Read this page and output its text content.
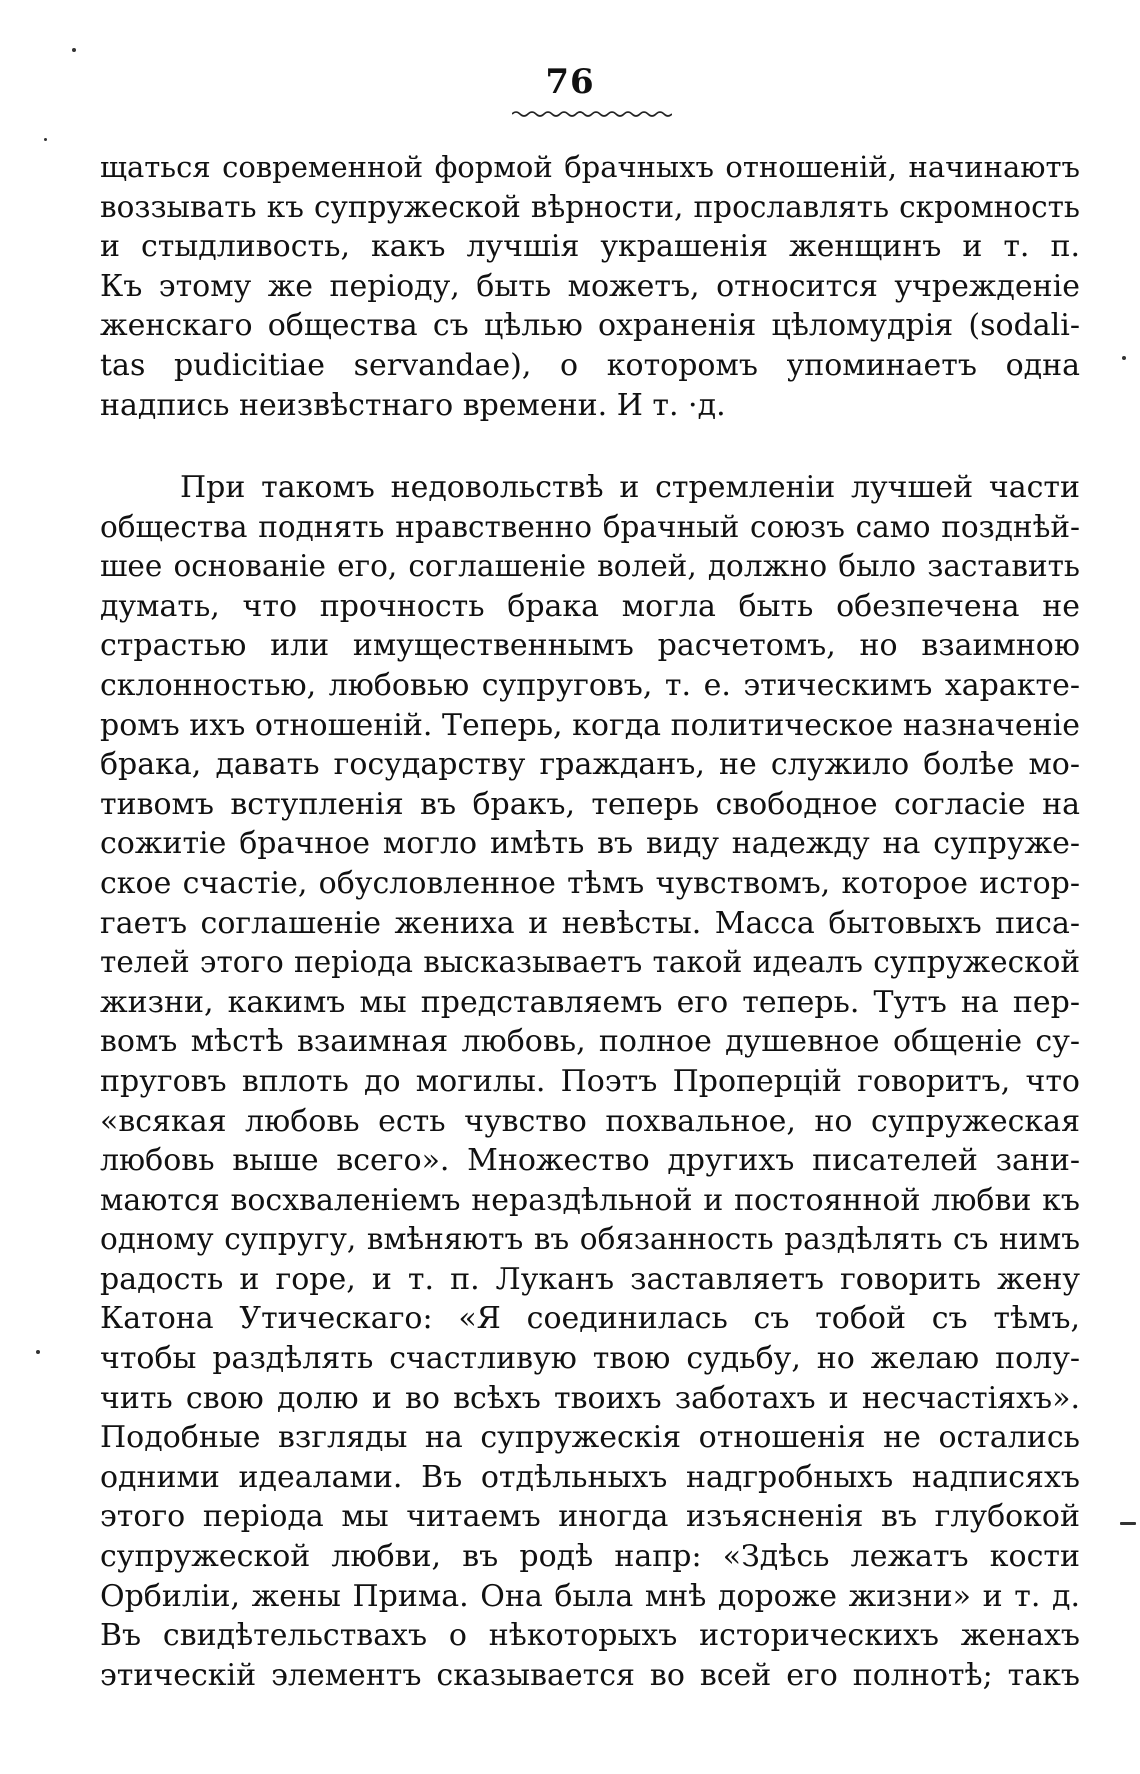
76
щаться современной формой брачныхъ отношеній, начинаютъ
воззывать къ супружеской вѣрности, прославлять скромность
и стыдливость, какъ лучшія украшенія женщинъ и т. п.
Къ этому же періоду, быть можетъ, относится учрежденіе
женскаго общества съ цѣлью охраненія цѣломудрія (sodali-
tas pudicitiae servandae), о которомъ упоминаетъ одна
надпись неизвѣстнаго времени. И т. ·д.
При такомъ недовольствѣ и стремленіи лучшей части
общества поднять нравственно брачный союзъ само позднѣй-
шее основаніе его, соглашеніе волей, должно было заставить
думать, что прочность брака могла быть обезпечена не
страстью или имущественнымъ расчетомъ, но взаимною
склонностью, любовью супруговъ, т. е. этическимъ характе-
ромъ ихъ отношеній. Теперь, когда политическое назначеніе
брака, давать государству гражданъ, не служило болѣе мо-
тивомъ вступленія въ бракъ, теперь свободное согласіе на
сожитіе брачное могло имѣть въ виду надежду на супруже-
ское счастіе, обусловленное тѣмъ чувствомъ, которое истор-
гаетъ соглашеніе жениха и невѣсты. Масса бытовыхъ писа-
телей этого періода высказываетъ такой идеалъ супружеской
жизни, какимъ мы представляемъ его теперь. Тутъ на пер-
вомъ мѣстѣ взаимная любовь, полное душевное общеніе су-
пруговъ вплоть до могилы. Поэтъ Проперцій говоритъ, что
«всякая любовь есть чувство похвальное, но супружеская
любовь выше всего». Множество другихъ писателей зани-
маются восхваленіемъ нераздѣльной и постоянной любви къ
одному супругу, вмѣняютъ въ обязанность раздѣлять съ нимъ
радость и горе, и т. п. Луканъ заставляетъ говорить жену
Катона Утическаго: «Я соединилась съ тобой съ тѣмъ,
чтобы раздѣлять счастливую твою судьбу, но желаю полу-
чить свою долю и во всѣхъ твоихъ заботахъ и несчастіяхъ».
Подобные взгляды на супружескія отношенія не остались
одними идеалами. Въ отдѣльныхъ надгробныхъ надписяхъ
этого періода мы читаемъ иногда изъясненія въ глубокой
супружеской любви, въ родѣ напр: «Здѣсь лежатъ кости
Орбиліи, жены Прима. Она была мнѣ дороже жизни» и т. д.
Въ свидѣтельствахъ о нѣкоторыхъ историческихъ женахъ
этическій элементъ сказывается во всей его полнотѣ; такъ
